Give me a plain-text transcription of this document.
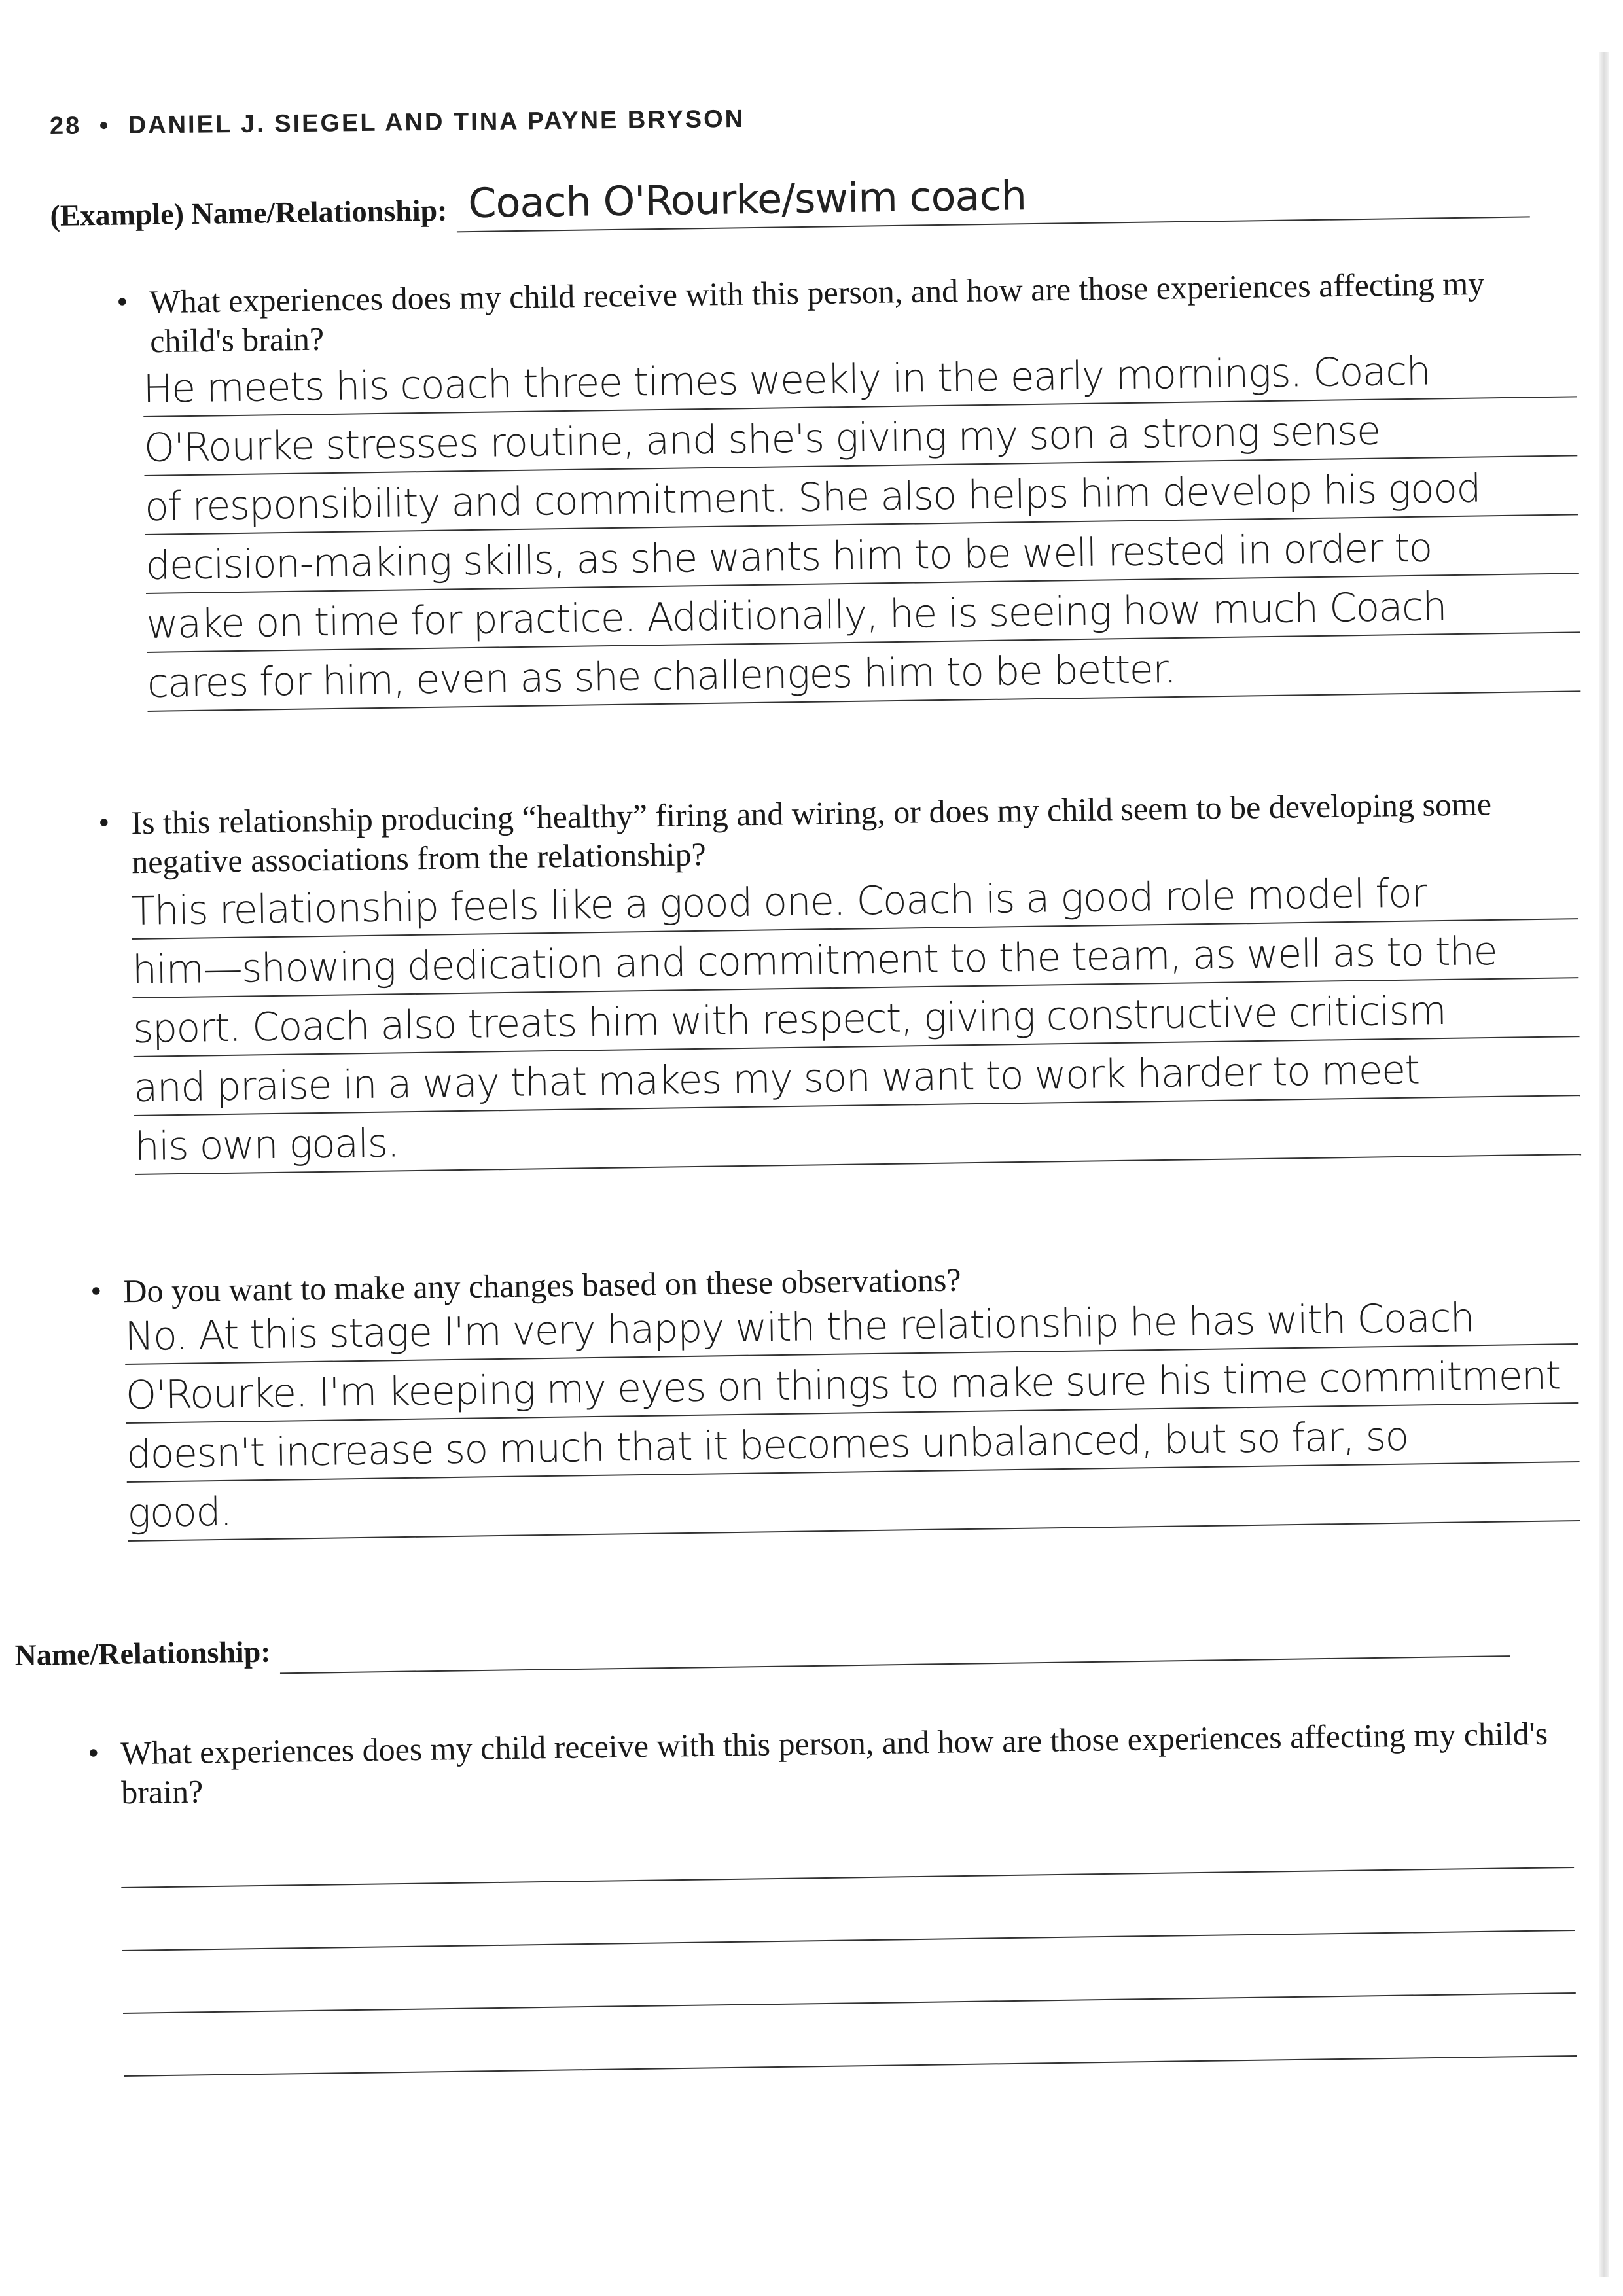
28 • DANIEL J. SIEGEL AND TINA PAYNE BRYSON
(Example) Name/Relationship: Coach O'Rourke/swim coach
• What experiences does my child receive with this person, and how are those experiences affecting my child's brain?
He meets his coach three times weekly in the early mornings. Coach
O'Rourke stresses routine, and she's giving my son a strong sense
of responsibility and commitment. She also helps him develop his good
decision-making skills, as she wants him to be well rested in order to
wake on time for practice. Additionally, he is seeing how much Coach
cares for him, even as she challenges him to be better.
• Is this relationship producing “healthy” firing and wiring, or does my child seem to be developing some negative associations from the relationship?
This relationship feels like a good one. Coach is a good role model for
him—showing dedication and commitment to the team, as well as to the
sport. Coach also treats him with respect, giving constructive criticism
and praise in a way that makes my son want to work harder to meet
his own goals.
• Do you want to make any changes based on these observations?
No. At this stage I'm very happy with the relationship he has with Coach
O'Rourke. I'm keeping my eyes on things to make sure his time commitment
doesn't increase so much that it becomes unbalanced, but so far, so
good.
Name/Relationship:
• What experiences does my child receive with this person, and how are those experiences affecting my child's brain?
